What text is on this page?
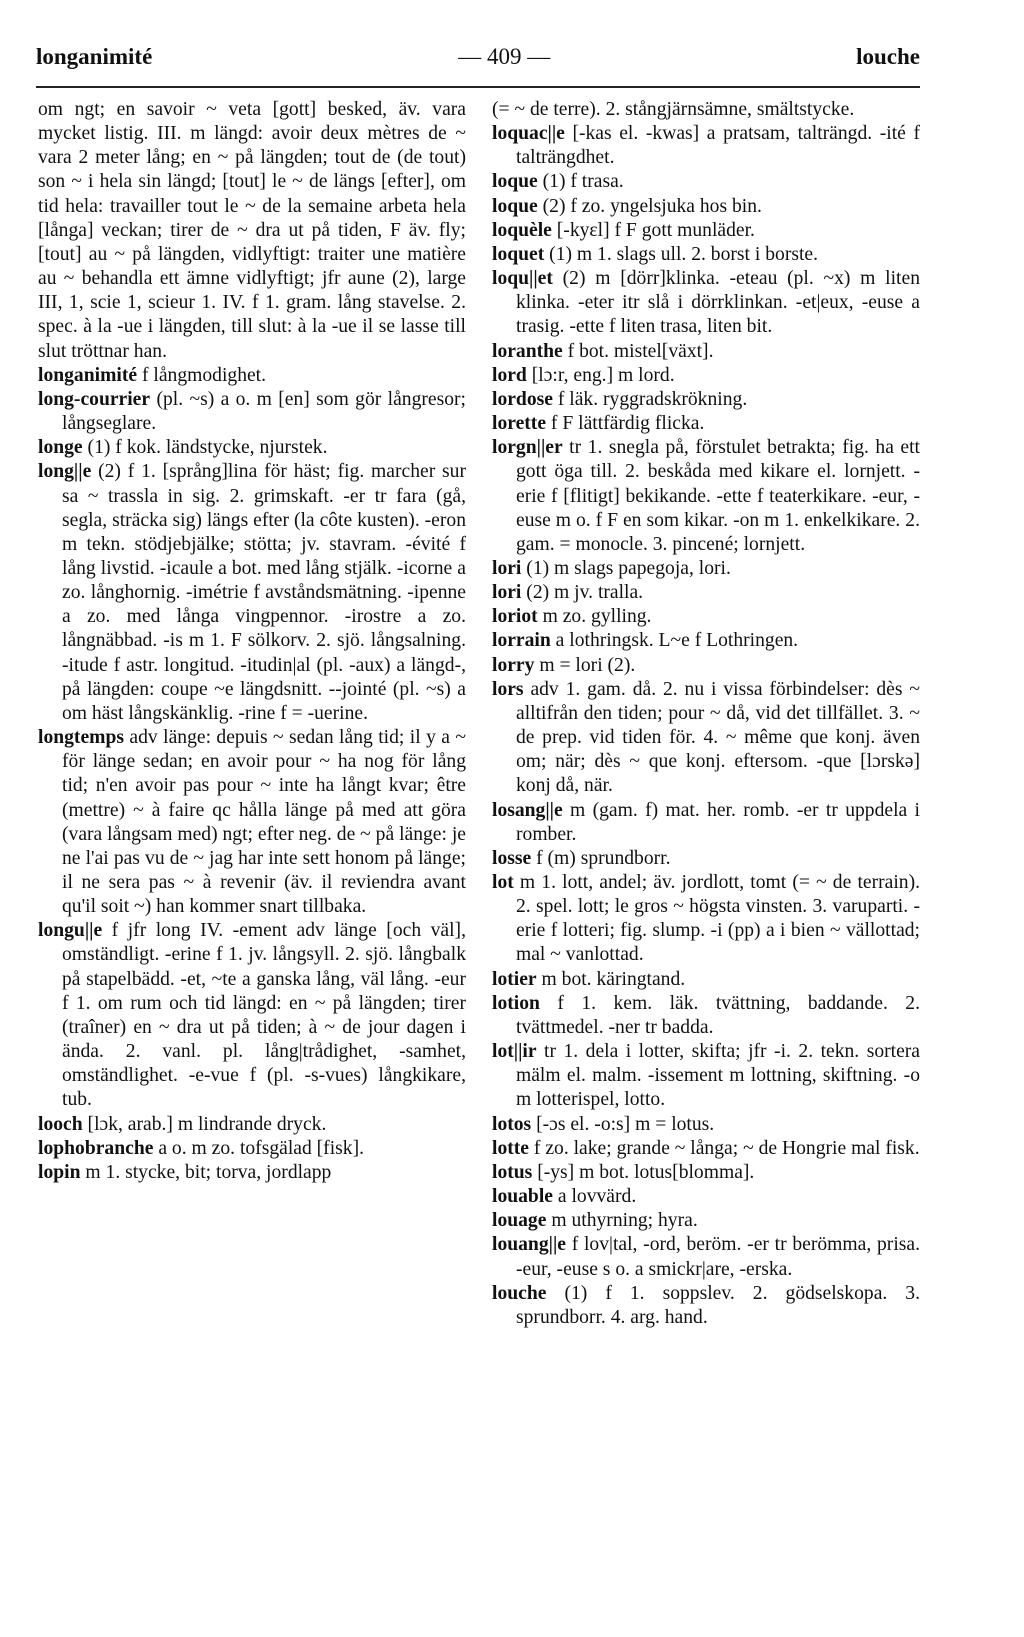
longanimité	— 409 —	louche

om ngt; en savoir ~ veta [gott] besked, äv. vara mycket listig. III. m längd: avoir deux mètres de ~ vara 2 meter lång; en ~ på längden; tout de (de tout) son ~ i hela sin längd; [tout] le ~ de längs [efter], om tid hela: travailler tout le ~ de la semaine arbeta hela [långa] veckan; tirer de ~ dra ut på tiden, F äv. fly; [tout] au ~ på längden, vidlyftigt: traiter une matière au ~ behandla ett ämne vidlyftigt; jfr aune (2), large III, 1, scie 1, scieur 1. IV. f 1. gram. lång stavelse. 2. spec. à la -ue i längden, till slut: à la -ue il se lasse till slut tröttnar han.

longanimité f långmodighet.

long-courrier (pl. ~s) a o. m [en] som gör långresor; långseglare.

longe (1) f kok. ländstycke, njurstek.

long||e (2) f 1. [språng]lina för häst; fig. marcher sur sa ~ trassla in sig. 2. grimskaft. -er tr fara (gå, segla, sträcka sig) längs efter (la côte kusten). -eron m tekn. stödjebjälke; stötta; jv. stavram. -évité f lång livstid. -icaule a bot. med lång stjälk. -icorne a zo. långhornig. -imétrie f avståndsmätning. -ipenne a zo. med långa vingpennor. -irostre a zo. långnäbbad. -is m 1. F sölkorv. 2. sjö. långsalning. -itude f astr. longitud. -itudin|al (pl. -aux) a längd-, på längden: coupe ~e längdsnitt. --jointé (pl. ~s) a om häst långskänklig. -rine f = -uerine.

longtemps adv länge: depuis ~ sedan lång tid; il y a ~ för länge sedan; en avoir pour ~ ha nog för lång tid; n'en avoir pas pour ~ inte ha långt kvar; être (mettre) ~ à faire qc hålla länge på med att göra (vara långsam med) ngt; efter neg. de ~ på länge: je ne l'ai pas vu de ~ jag har inte sett honom på länge; il ne sera pas ~ à revenir (äv. il reviendra avant qu'il soit ~) han kommer snart tillbaka.

longu||e f jfr long IV. -ement adv länge [och väl], omständligt. -erine f 1. jv. långsyll. 2. sjö. långbalk på stapelbädd. -et, ~te a ganska lång, väl lång. -eur f 1. om rum och tid längd: en ~ på längden; tirer (traîner) en ~ dra ut på tiden; à ~ de jour dagen i ända. 2. vanl. pl. lång|trådighet, -samhet, omständlighet. -e-vue f (pl. -s-vues) långkikare, tub.

looch [lɔk, arab.] m lindrande dryck.

lophobranche a o. m zo. tofsgälad [fisk].

lopin m 1. stycke, bit; torva, jordlapp

(= ~ de terre). 2. stångjärnsämne, smältstycke.

loquac||e [-kas el. -kwas] a pratsam, talträngd. -ité f talträngdhet.

loque (1) f trasa.

loque (2) f zo. yngelsjuka hos bin.

loquèle [-kyɛl] f F gott munläder.

loquet (1) m 1. slags ull. 2. borst i borste.

loqu||et (2) m [dörr]klinka. -eteau (pl. ~x) m liten klinka. -eter itr slå i dörrklinkan. -et|eux, -euse a trasig. -ette f liten trasa, liten bit.

loranthe f bot. mistel[växt].

lord [lɔ:r, eng.] m lord.

lordose f läk. ryggradskrökning.

lorette f F lättfärdig flicka.

lorgn||er tr 1. snegla på, förstulet betrakta; fig. ha ett gott öga till. 2. beskåda med kikare el. lornjett. -erie f [flitigt] bekikande. -ette f teaterkikare. -eur, -euse m o. f F en som kikar. -on m 1. enkelkikare. 2. gam. = monocle. 3. pincené; lornjett.

lori (1) m slags papegoja, lori.

lori (2) m jv. tralla.

loriot m zo. gylling.

lorrain a lothringsk. L~e f Lothringen.

lorry m = lori (2).

lors adv 1. gam. då. 2. nu i vissa förbindelser: dès ~ alltifrån den tiden; pour ~ då, vid det tillfället. 3. ~ de prep. vid tiden för. 4. ~ même que konj. även om; när; dès ~ que konj. eftersom. -que [lɔrskə] konj då, när.

losang||e m (gam. f) mat. her. romb. -er tr uppdela i romber.

losse f (m) sprundborr.

lot m 1. lott, andel; äv. jordlott, tomt (= ~ de terrain). 2. spel. lott; le gros ~ högsta vinsten. 3. varuparti. -erie f lotteri; fig. slump. -i (pp) a i bien ~ vällottad; mal ~ vanlottad.

lotier m bot. käringtand.

lotion f 1. kem. läk. tvättning, baddande. 2. tvättmedel. -ner tr badda.

lot||ir tr 1. dela i lotter, skifta; jfr -i. 2. tekn. sortera mälm el. malm. -issement m lottning, skiftning. -o m lotterispel, lotto.

lotos [-ɔs el. -o:s] m = lotus.

lotte f zo. lake; grande ~ långa; ~ de Hongrie mal fisk.

lotus [-ys] m bot. lotus[blomma].

louable a lovvärd.

louage m uthyrning; hyra.

louang||e f lov|tal, -ord, beröm. -er tr berömma, prisa. -eur, -euse s o. a smickr|are, -erska.

louche (1) f 1. soppslev. 2. gödselskopa. 3. sprundborr. 4. arg. hand.
